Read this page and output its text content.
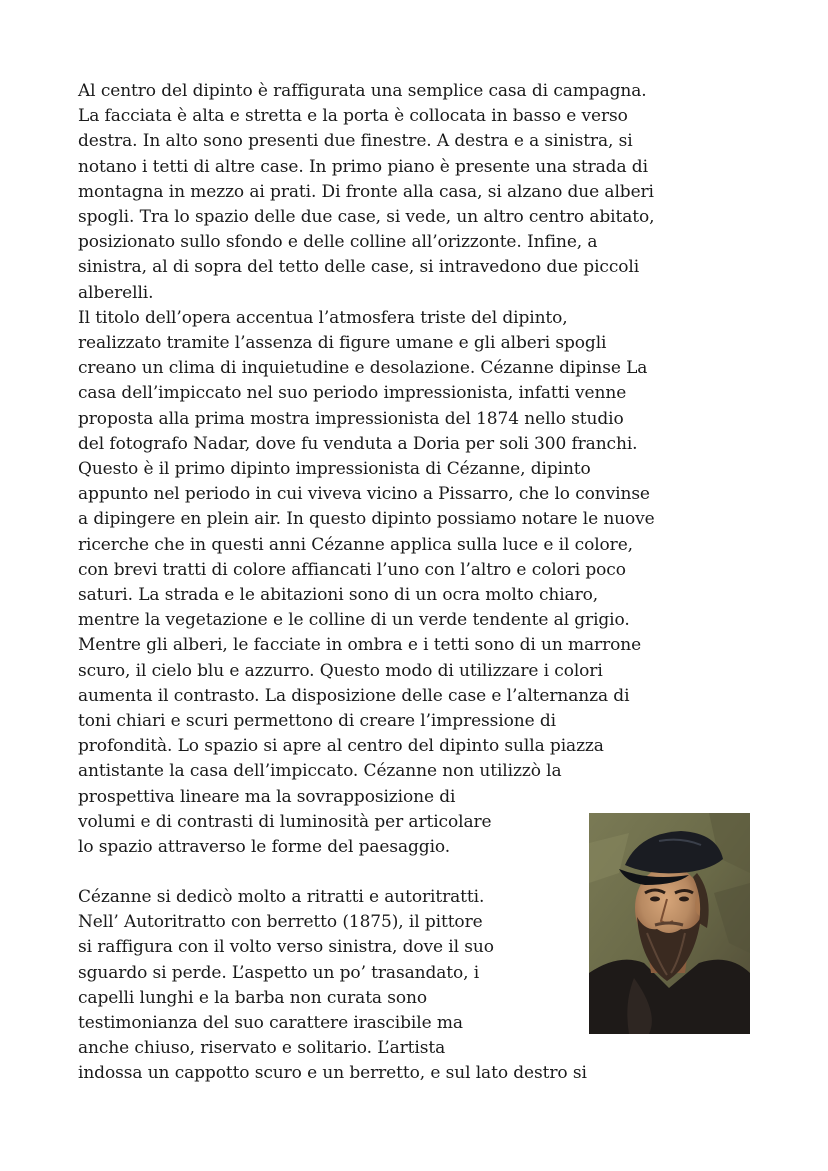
Al centro del dipinto è raffigurata una semplice casa di campagna.
La facciata è alta e stretta e la porta è collocata in basso e verso
destra. In alto sono presenti due finestre. A destra e a sinistra, si
notano i tetti di altre case. In primo piano è presente una strada di
montagna in mezzo ai prati. Di fronte alla casa, si alzano due alberi
spogli. Tra lo spazio delle due case, si vede, un altro centro abitato,
posizionato sullo sfondo e delle colline all’orizzonte. Infine, a
sinistra, al di sopra del tetto delle case, si intravedono due piccoli
alberelli.
Il titolo dell’opera accentua l’atmosfera triste del dipinto,
realizzato tramite l’assenza di figure umane e gli alberi spogli
creano un clima di inquietudine e desolazione. Cézanne dipinse La
casa dell’impiccato nel suo periodo impressionista, infatti venne
proposta alla prima mostra impressionista del 1874 nello studio
del fotografo Nadar, dove fu venduta a Doria per soli 300 franchi.
Questo è il primo dipinto impressionista di Cézanne, dipinto
appunto nel periodo in cui viveva vicino a Pissarro, che lo convinse
a dipingere en plein air. In questo dipinto possiamo notare le nuove
ricerche che in questi anni Cézanne applica sulla luce e il colore,
con brevi tratti di colore affiancati l’uno con l’altro e colori poco
saturi. La strada e le abitazioni sono di un ocra molto chiaro,
mentre la vegetazione e le colline di un verde tendente al grigio.
Mentre gli alberi, le facciate in ombra e i tetti sono di un marrone
scuro, il cielo blu e azzurro. Questo modo di utilizzare i colori
aumenta il contrasto. La disposizione delle case e l’alternanza di
toni chiari e scuri permettono di creare l’impressione di
profondità. Lo spazio si apre al centro del dipinto sulla piazza
antistante la casa dell’impiccato. Cézanne non utilizzò la
prospettiva lineare ma la sovrapposizione di
volumi e di contrasti di luminosità per articolare
lo spazio attraverso le forme del paesaggio.
Cézanne si dedicò molto a ritratti e autoritratti.
Nell’ Autoritratto con berretto (1875), il pittore
si raffigura con il volto verso sinistra, dove il suo
sguardo si perde. L’aspetto un po’ trasandato, i
capelli lunghi e la barba non curata sono
testimonianza del suo carattere irascibile ma
anche chiuso, riservato e solitario. L’artista
indossa un cappotto scuro e un berretto, e sul lato destro si
